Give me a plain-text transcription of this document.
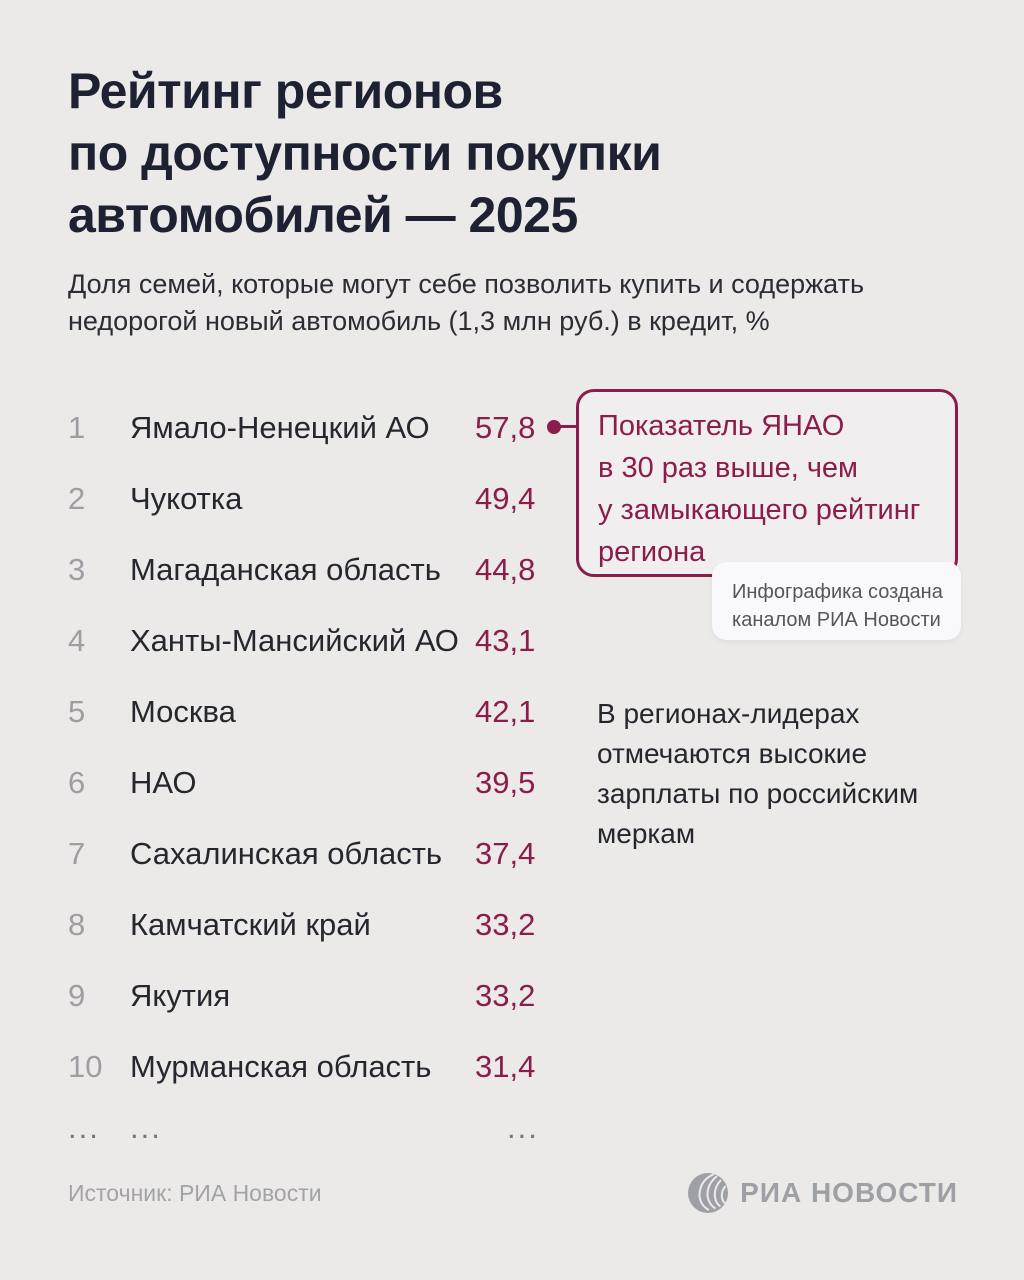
Рейтинг регионов
по доступности покупки
автомобилей — 2025
Доля семей, которые могут себе позволить купить и содержать
недорогой новый автомобиль (1,3 млн руб.) в кредит, %
1	Ямало-Ненецкий АО	57,8
2	Чукотка	49,4
3	Магаданская область	44,8
4	Ханты-Мансийский АО 43,1
5	Москва	42,1
6	НАО	39,5
7	Сахалинская область	37,4
8	Камчатский край	33,2
9	Якутия	33,2
10 Мурманская область	31,4
... ...	...
Показатель ЯНАО
в 30 раз выше, чем
у замыкающего рейтинг
региона
Инфографика создана
каналом РИА Новости
В регионах-лидерах
отмечаются высокие
зарплаты по российским
меркам
Источник: РИА Новости	РИА НОВОСТИ
